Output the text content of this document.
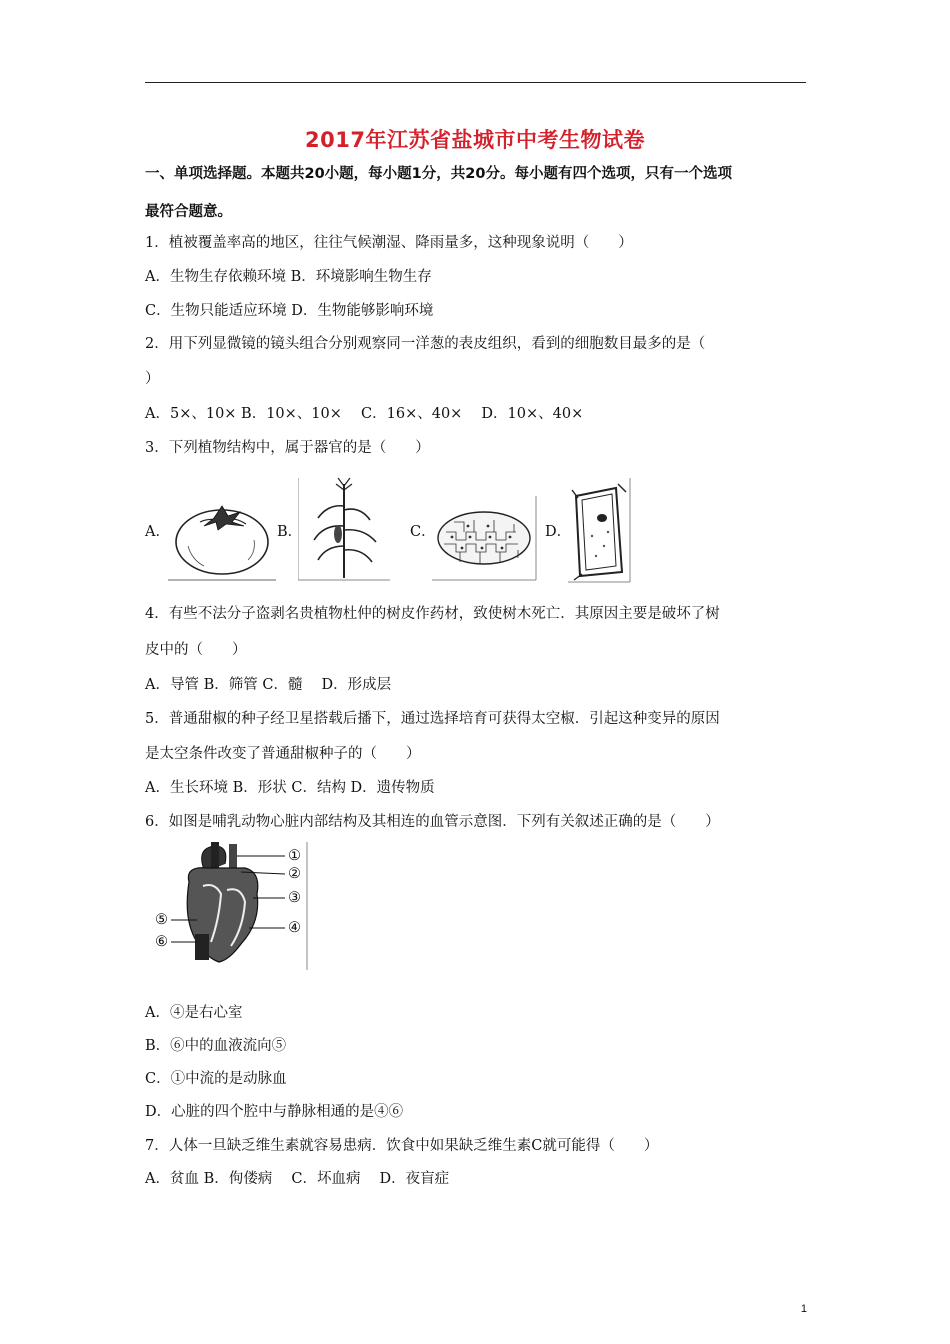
2017年江苏省盐城市中考生物试卷
一、单项选择题。本题共20小题，每小题1分，共20分。每小题有四个选项，只有一个选项
最符合题意。
1．植被覆盖率高的地区，往往气候潮湿、降雨量多，这种现象说明（　　）
A．生物生存依赖环境 B．环境影响生物生存
C．生物只能适应环境 D．生物能够影响环境
2．用下列显微镜的镜头组合分别观察同一洋葱的表皮组织，看到的细胞数目最多的是（
）
A．5×、10× B．10×、10×　 C．16×、40×　 D．10×、40×
3．下列植物结构中，属于器官的是（　　）
A．	B．	C．	D．
4．有些不法分子盗剥名贵植物杜仲的树皮作药材，致使树木死亡．其原因主要是破坏了树
皮中的（　　）
A．导管 B．筛管 C．髓　 D．形成层
5．普通甜椒的种子经卫星搭载后播下，通过选择培育可获得太空椒．引起这种变异的原因
是太空条件改变了普通甜椒种子的（　　）
A．生长环境 B．形状 C．结构 D．遗传物质
6．如图是哺乳动物心脏内部结构及其相连的血管示意图．下列有关叙述正确的是（　　）
①
②
③
④
⑤
⑥
A．④是右心室
B．⑥中的血液流向⑤
C．①中流的是动脉血
D．心脏的四个腔中与静脉相通的是④⑥
7．人体一旦缺乏维生素就容易患病．饮食中如果缺乏维生素C就可能得（　　）
A．贫血 B．佝偻病　 C．坏血病　 D．夜盲症
1
